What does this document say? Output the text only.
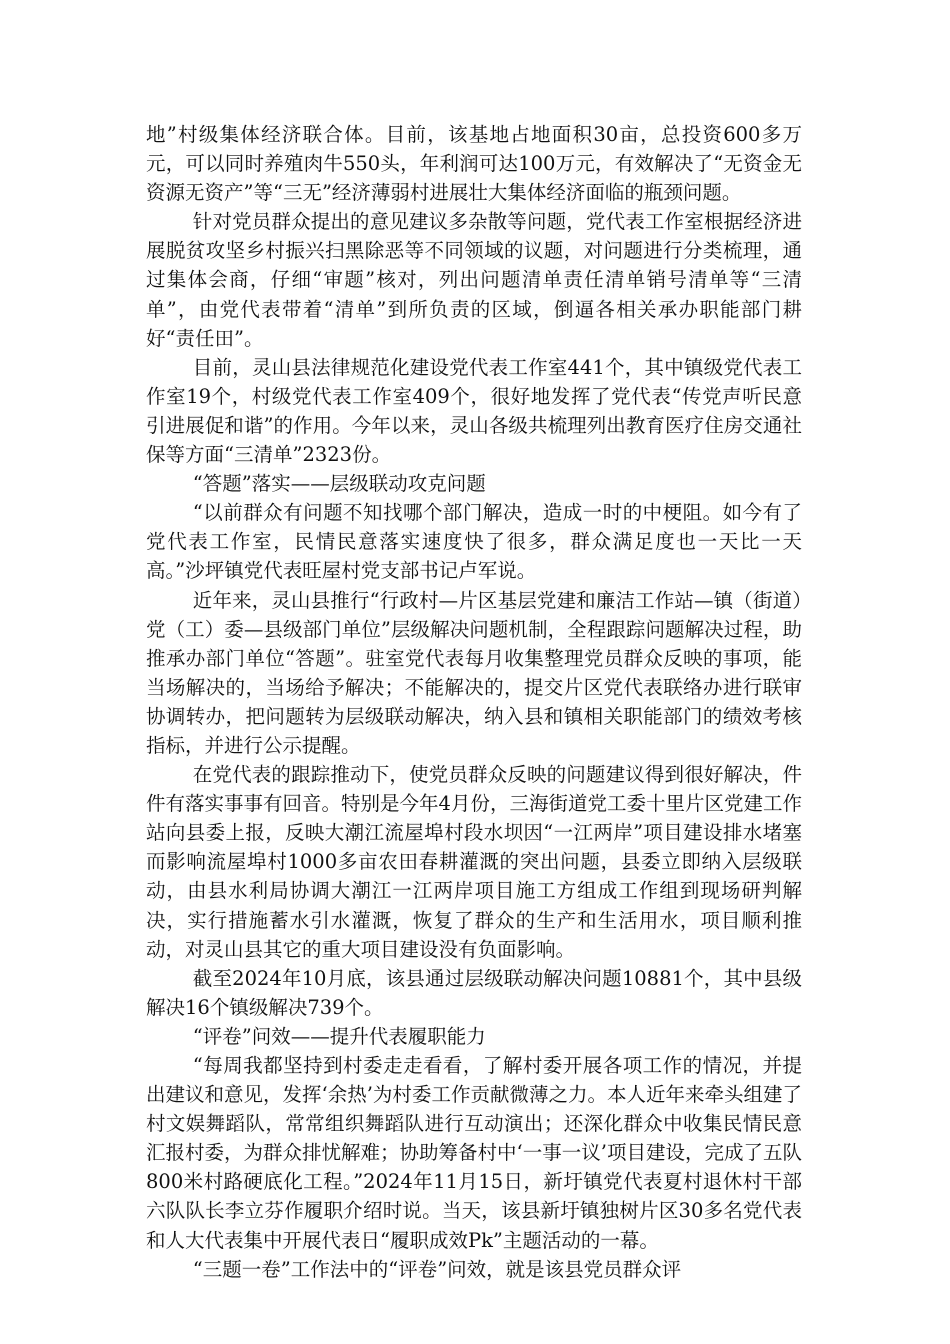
地”村级集体经济联合体。目前，该基地占地面积30亩，总投资600多万元，可以同时养殖肉牛550头，年利润可达100万元，有效解决了“无资金无资源无资产”等“三无”经济薄弱村进展壮大集体经济面临的瓶颈问题。

针对党员群众提出的意见建议多杂散等问题，党代表工作室根据经济进展脱贫攻坚乡村振兴扫黑除恶等不同领域的议题，对问题进行分类梳理，通过集体会商，仔细“审题”核对，列出问题清单责任清单销号清单等“三清单”，由党代表带着“清单”到所负责的区域，倒逼各相关承办职能部门耕好“责任田”。

目前，灵山县法律规范化建设党代表工作室441个，其中镇级党代表工作室19个，村级党代表工作室409个，很好地发挥了党代表“传党声听民意引进展促和谐”的作用。今年以来，灵山各级共梳理列出教育医疗住房交通社保等方面“三清单”2323份。

“答题”落实——层级联动攻克问题

“以前群众有问题不知找哪个部门解决，造成一时的中梗阻。如今有了党代表工作室，民情民意落实速度快了很多，群众满足度也一天比一天高。”沙坪镇党代表旺屋村党支部书记卢军说。

近年来，灵山县推行“行政村—片区基层党建和廉洁工作站—镇（街道）党（工）委—县级部门单位”层级解决问题机制，全程跟踪问题解决过程，助推承办部门单位“答题”。驻室党代表每月收集整理党员群众反映的事项，能当场解决的，当场给予解决；不能解决的，提交片区党代表联络办进行联审协调转办，把问题转为层级联动解决，纳入县和镇相关职能部门的绩效考核指标，并进行公示提醒。

在党代表的跟踪推动下，使党员群众反映的问题建议得到很好解决，件件有落实事事有回音。特别是今年4月份，三海街道党工委十里片区党建工作站向县委上报，反映大潮江流屋埠村段水坝因“一江两岸”项目建设排水堵塞而影响流屋埠村1000多亩农田春耕灌溉的突出问题，县委立即纳入层级联动，由县水利局协调大潮江一江两岸项目施工方组成工作组到现场研判解决，实行措施蓄水引水灌溉，恢复了群众的生产和生活用水，项目顺利推动，对灵山县其它的重大项目建设没有负面影响。

截至2024年10月底，该县通过层级联动解决问题10881个，其中县级解决16个镇级解决739个。

“评卷”问效——提升代表履职能力

“每周我都坚持到村委走走看看，了解村委开展各项工作的情况，并提出建议和意见，发挥‘余热’为村委工作贡献微薄之力。本人近年来牵头组建了村文娱舞蹈队，常常组织舞蹈队进行互动演出；还深化群众中收集民情民意汇报村委，为群众排忧解难；协助筹备村中‘一事一议’项目建设，完成了五队800米村路硬底化工程。”2024年11月15日，新圩镇党代表夏村退休村干部六队队长李立芬作履职介绍时说。当天，该县新圩镇独树片区30多名党代表和人大代表集中开展代表日“履职成效Pk”主题活动的一幕。

“三题一卷”工作法中的“评卷”问效，就是该县党员群众评
